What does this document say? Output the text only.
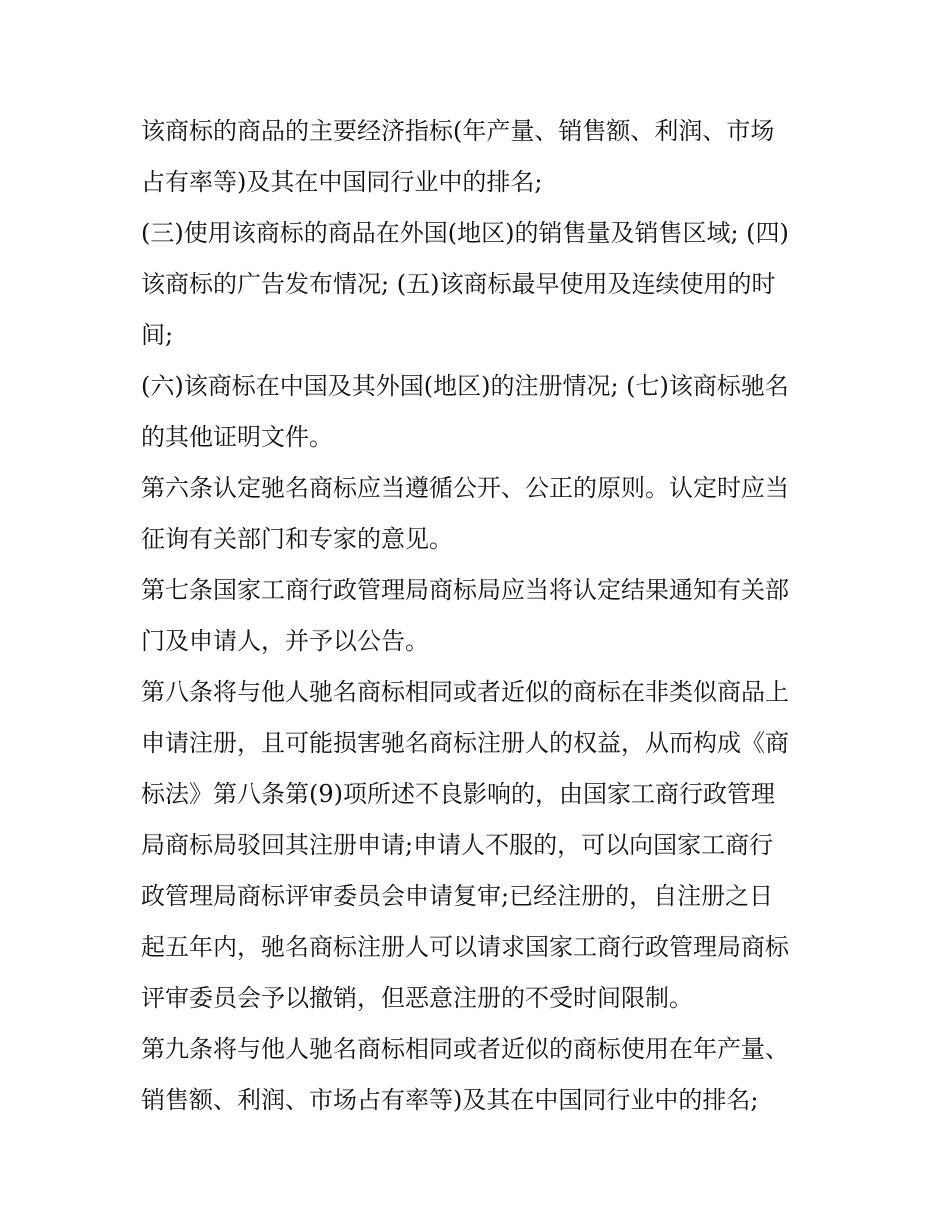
该商标的商品的主要经济指标(年产量、销售额、利润、市场
占有率等)及其在中国同行业中的排名;
(三)使用该商标的商品在外国(地区)的销售量及销售区域; (四)
该商标的广告发布情况; (五)该商标最早使用及连续使用的时
间;
(六)该商标在中国及其外国(地区)的注册情况; (七)该商标驰名
的其他证明文件。
第六条认定驰名商标应当遵循公开、公正的原则。认定时应当
征询有关部门和专家的意见。
第七条国家工商行政管理局商标局应当将认定结果通知有关部
门及申请人，并予以公告。
第八条将与他人驰名商标相同或者近似的商标在非类似商品上
申请注册，且可能损害驰名商标注册人的权益，从而构成《商
标法》第八条第(9)项所述不良影响的，由国家工商行政管理
局商标局驳回其注册申请;申请人不服的，可以向国家工商行
政管理局商标评审委员会申请复审;已经注册的，自注册之日
起五年内，驰名商标注册人可以请求国家工商行政管理局商标
评审委员会予以撤销，但恶意注册的不受时间限制。
第九条将与他人驰名商标相同或者近似的商标使用在年产量、
销售额、利润、市场占有率等)及其在中国同行业中的排名;
